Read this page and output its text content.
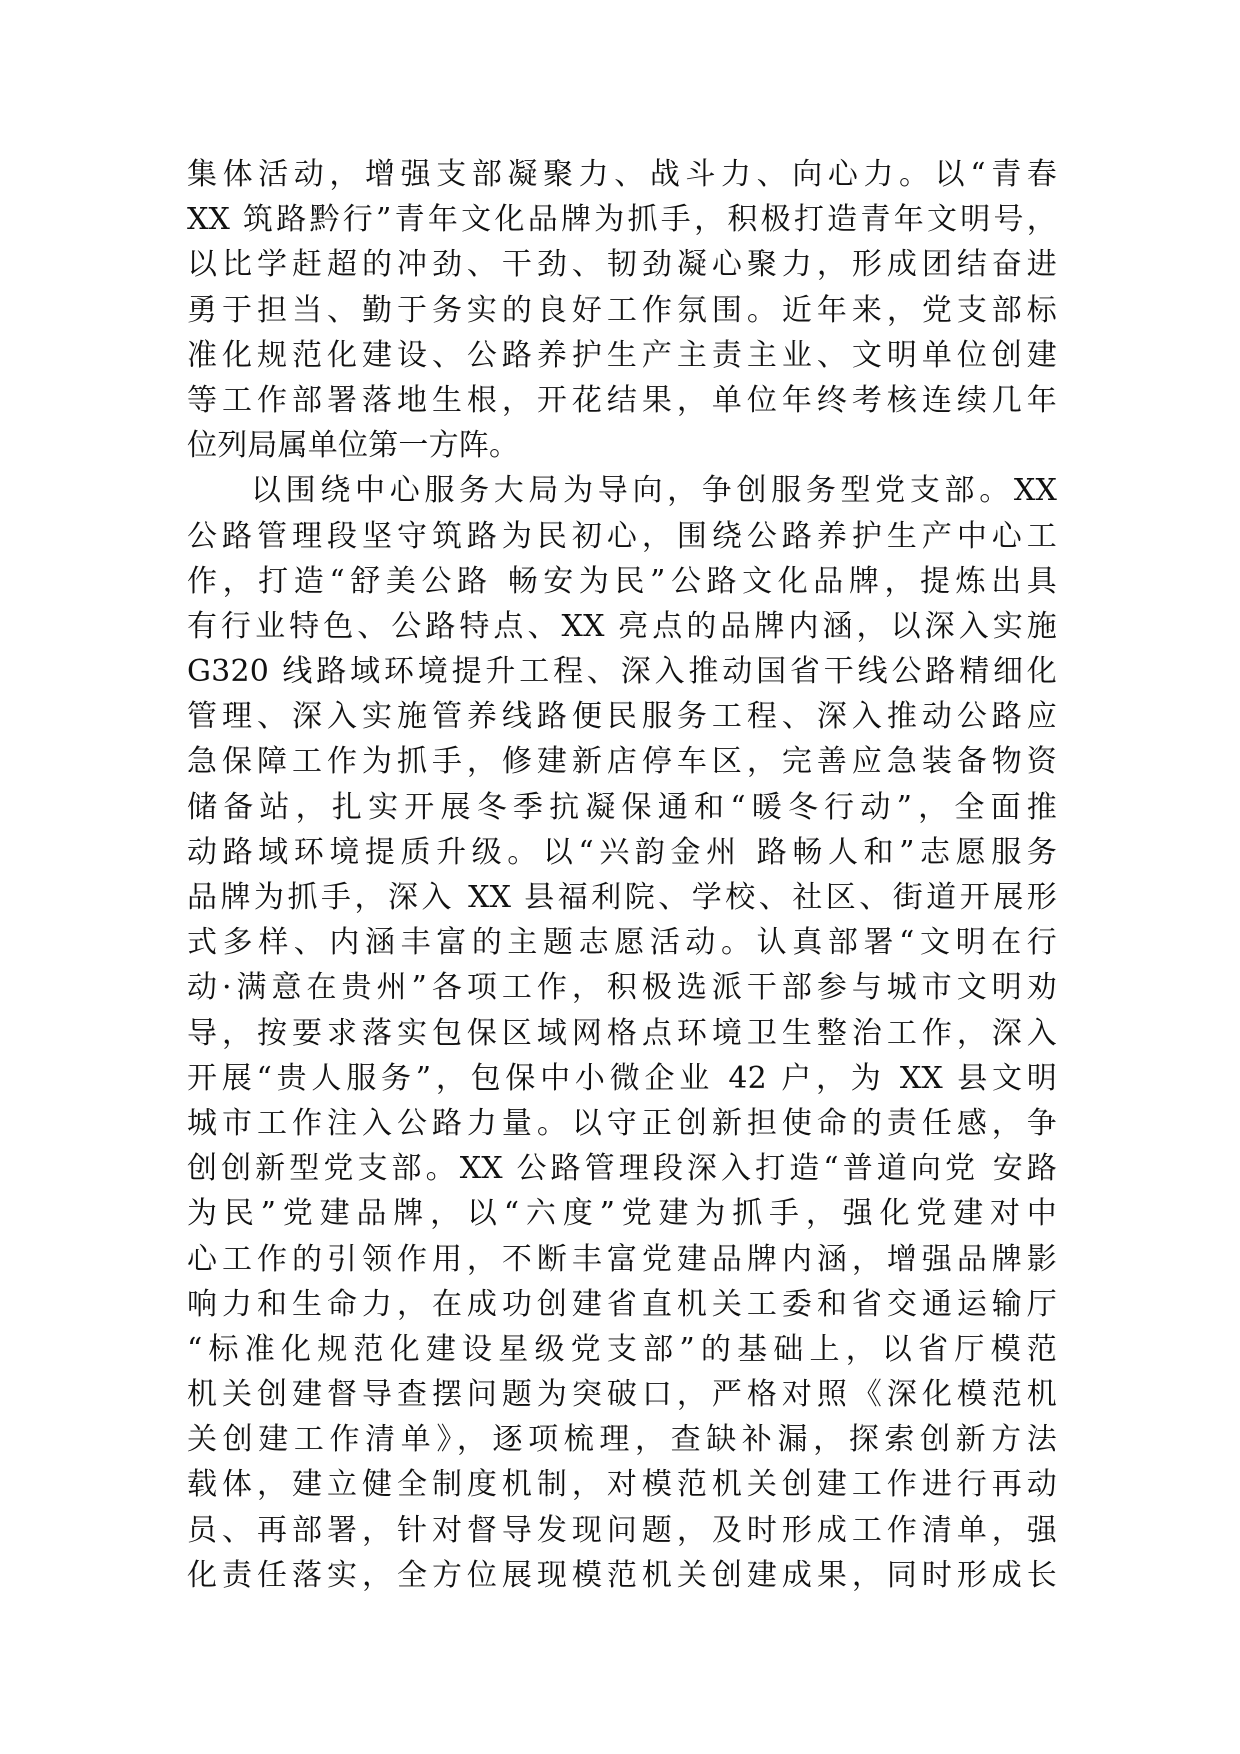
集体活动，增强支部凝聚力、战斗力、向心力。以“青春
XX 筑路黔行”青年文化品牌为抓手，积极打造青年文明号，
以比学赶超的冲劲、干劲、韧劲凝心聚力，形成团结奋进
勇于担当、勤于务实的良好工作氛围。近年来，党支部标
准化规范化建设、公路养护生产主责主业、文明单位创建
等工作部署落地生根，开花结果，单位年终考核连续几年
位列局属单位第一方阵。
以围绕中心服务大局为导向，争创服务型党支部。XX
公路管理段坚守筑路为民初心，围绕公路养护生产中心工
作，打造“舒美公路 畅安为民”公路文化品牌，提炼出具
有行业特色、公路特点、XX 亮点的品牌内涵，以深入实施
G320 线路域环境提升工程、深入推动国省干线公路精细化
管理、深入实施管养线路便民服务工程、深入推动公路应
急保障工作为抓手，修建新店停车区，完善应急装备物资
储备站，扎实开展冬季抗凝保通和“暖冬行动”，全面推
动路域环境提质升级。以“兴韵金州 路畅人和”志愿服务
品牌为抓手，深入 XX 县福利院、学校、社区、街道开展形
式多样、内涵丰富的主题志愿活动。认真部署“文明在行
动·满意在贵州”各项工作，积极选派干部参与城市文明劝
导，按要求落实包保区域网格点环境卫生整治工作，深入
开展“贵人服务”，包保中小微企业 42 户，为 XX 县文明
城市工作注入公路力量。以守正创新担使命的责任感，争
创创新型党支部。XX 公路管理段深入打造“普道向党 安路
为民”党建品牌，以“六度”党建为抓手，强化党建对中
心工作的引领作用，不断丰富党建品牌内涵，增强品牌影
响力和生命力，在成功创建省直机关工委和省交通运输厅
“标准化规范化建设星级党支部”的基础上，以省厅模范
机关创建督导查摆问题为突破口，严格对照《深化模范机
关创建工作清单》，逐项梳理，查缺补漏，探索创新方法
载体，建立健全制度机制，对模范机关创建工作进行再动
员、再部署，针对督导发现问题，及时形成工作清单，强
化责任落实，全方位展现模范机关创建成果，同时形成长
